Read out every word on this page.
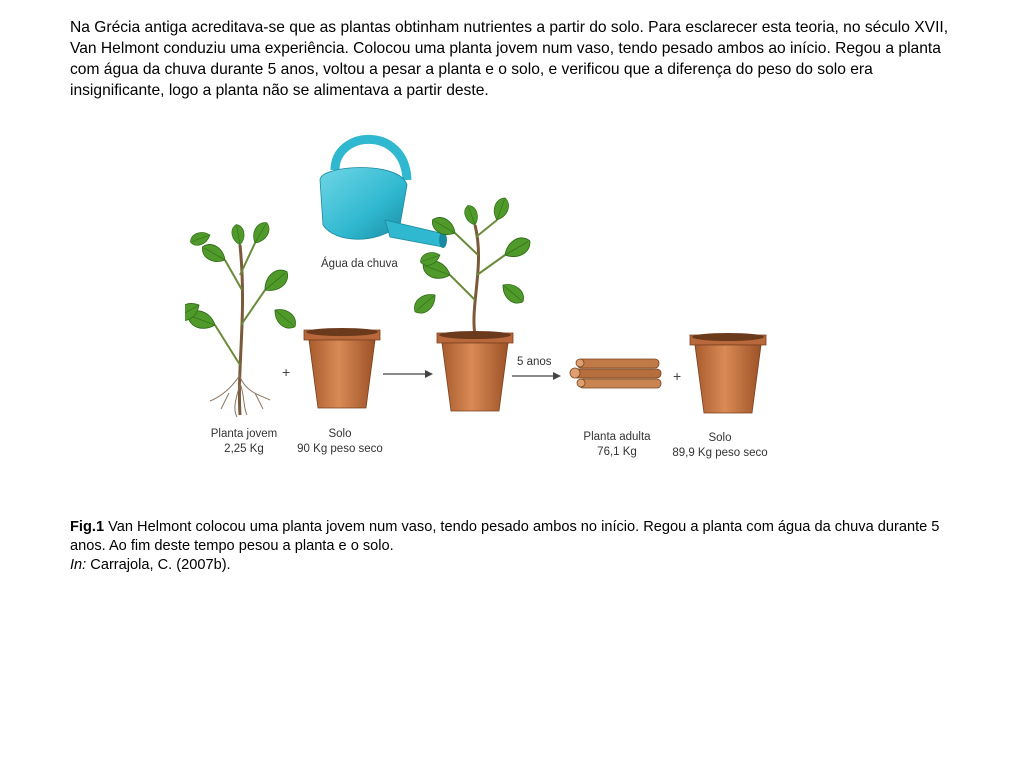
Na Grécia antiga acreditava-se que as plantas obtinham nutrientes a partir do solo. Para esclarecer esta teoria, no século XVII, Van Helmont conduziu uma experiência. Colocou uma planta jovem num vaso, tendo pesado ambos ao início. Regou a planta com água da chuva durante 5 anos, voltou a pesar a planta e o solo, e verificou que a diferença do peso do solo era insignificante, logo a planta não se alimentava a partir deste.

+
Água da chuva
5 anos
+
Planta jovem
2,25 Kg
Solo
90 Kg peso seco
Planta adulta
76,1 Kg
Solo
89,9 Kg peso seco

Fig.1 Van Helmont colocou uma planta jovem num vaso, tendo pesado ambos no início. Regou a planta com água da chuva durante 5 anos. Ao fim deste tempo pesou a planta e o solo.
In: Carrajola, C. (2007b).
